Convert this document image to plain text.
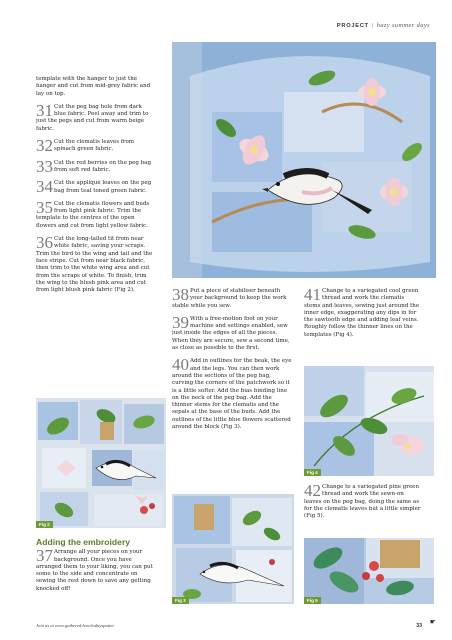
PROJECT | hazy summer days

template with the hanger to just the hanger and cut from mid-grey fabric and lay on top.

31 Cut the peg bag hole from dark blue fabric. Peel away and trim to just the pegs and cut from warm beige fabric.
32 Cut the clematis leaves from spinach green fabric.
33 Cut the red berries on the peg bag from soft red fabric.
34 Cut the appliqué leaves on the peg bag from teal toned green fabric.
35 Cut the clematis flowers and buds from light pink fabric. Trim the template to the centres of the open flowers and cut from light yellow fabric.
36 Cut the long-tailed tit from near white fabric, saving your scraps. Trim the bird to the wing and tail and the face stripe. Cut from near black fabric, then trim to the white wing area and cut from the scraps of white. To finish, trim the wing to the blush pink area and cut from light blush pink fabric (Fig 2).
Fig 2
Adding the embroidery
37 Arrange all your pieces on your background. Once you have arranged them to your liking, you can put some to the side and concentrate on sewing the rest down to save any getting knocked off!
38 Put a piece of stabiliser beneath your background to keep the work stable while you sew.
39 With a free-motion foot on your machine and settings enabled, sew just inside the edges of all the pieces. When they are secure, sew a second time, as close as possible to the first.
40 Add in outlines for the beak, the eye and the legs. You can then work around the sections of the peg bag, curving the corners of the patchwork so it is a little softer. Add the bias binding line on the neck of the peg bag. Add the thinner stems for the clematis and the sepals at the base of the buds. Add the outlines of the little blue flowers scattered around the block (Fig 3).
41 Change to a variegated cool green thread and work the clematis stems and leaves, sewing just around the inner edge, exaggerating any dips in for the sawtooth edge and adding leaf veins. Roughly follow the thinner lines on the templates (Fig 4).
Fig 4
42 Change to a variegated pine green thread and work the sewn-on leaves on the peg bag, doing the same as for the clematis leaves but a little simpler (Fig 5).
Fig 3	Fig 5
Join us at www.gathered.how/todayspatter	33 ☛
